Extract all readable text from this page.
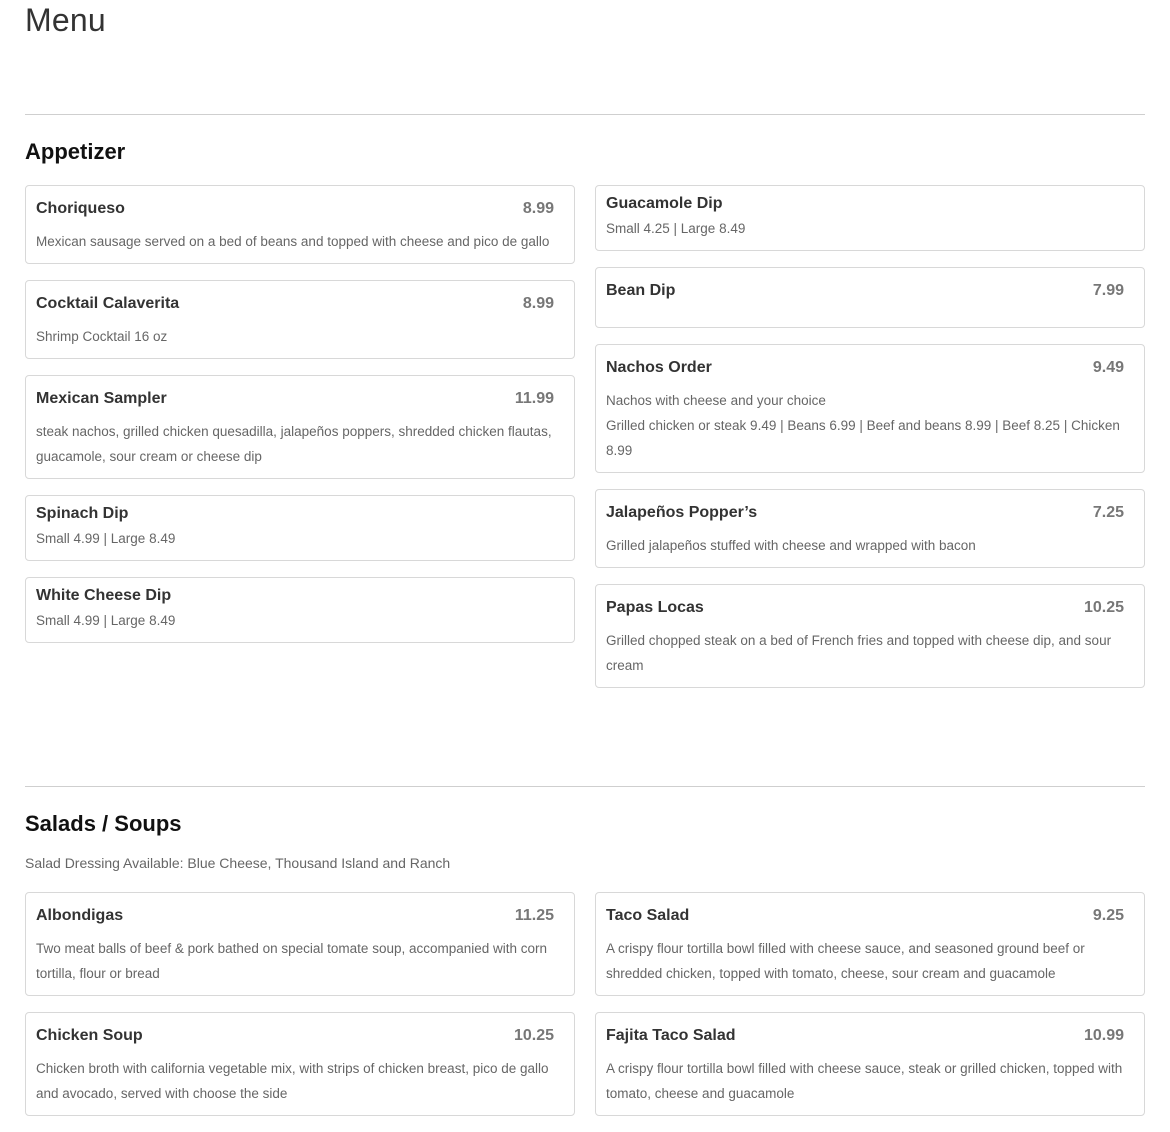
Menu
Appetizer
Choriqueso	8.99

Mexican sausage served on a bed of beans and topped with cheese and pico de gallo

Cocktail Calaverita	8.99

Shrimp Cocktail 16 oz

Mexican Sampler	11.99

steak nachos, grilled chicken quesadilla, jalapeños poppers, shredded chicken flautas, guacamole, sour cream or cheese dip

Spinach Dip

Small 4.99 | Large 8.49

White Cheese Dip

Small 4.99 | Large 8.49

Guacamole Dip

Small 4.25 | Large 8.49

Bean Dip	7.99
Nachos Order	9.49

Nachos with cheese and your choice

Grilled chicken or steak 9.49 | Beans 6.99 | Beef and beans 8.99 | Beef 8.25 | Chicken 8.99

Jalapeños Popper’s	7.25

Grilled jalapeños stuffed with cheese and wrapped with bacon

Papas Locas	10.25

Grilled chopped steak on a bed of French fries and topped with cheese dip, and sour cream

Salads / Soups

Salad Dressing Available: Blue Cheese, Thousand Island and Ranch

Albondigas	11.25

Two meat balls of beef & pork bathed on special tomate soup, accompanied with corn tortilla, flour or bread

Chicken Soup	10.25

Chicken broth with california vegetable mix, with strips of chicken breast, pico de gallo and avocado, served with choose the side

Taco Salad	9.25

A crispy flour tortilla bowl filled with cheese sauce, and seasoned ground beef or shredded chicken, topped with tomato, cheese, sour cream and guacamole

Fajita Taco Salad	10.99

A crispy flour tortilla bowl filled with cheese sauce, steak or grilled chicken, topped with tomato, cheese and guacamole
